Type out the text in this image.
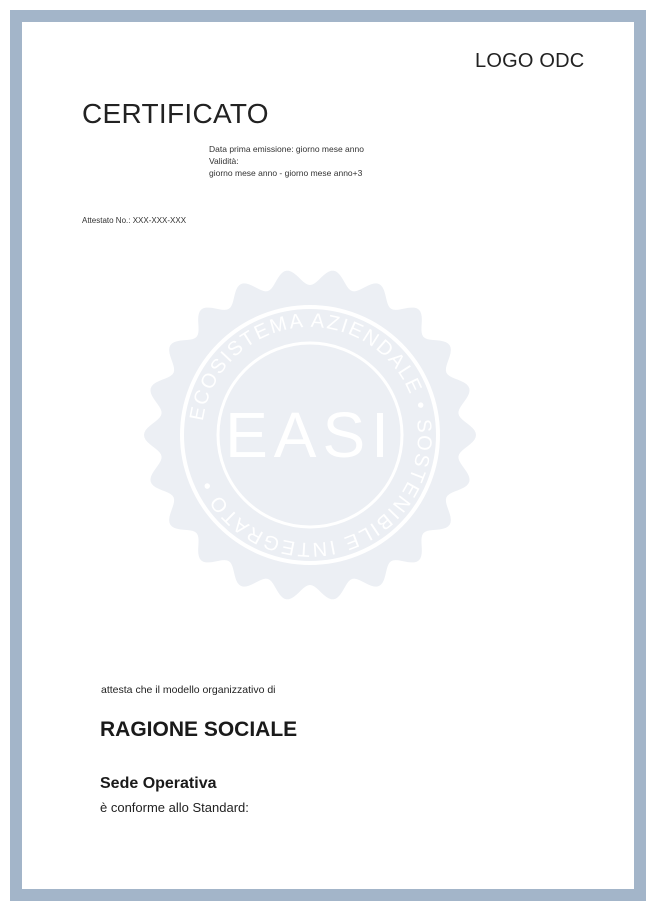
LOGO ODC
CERTIFICATO
Data prima emissione: giorno mese anno
Validità:
giorno mese anno - giorno mese anno+3
Attestato No.: XXX-XXX-XXX
ECOSISTEMA AZIENDALE • SOSTENIBILE INTEGRATO •
EASI
attesta che il modello organizzativo di
RAGIONE SOCIALE
Sede Operativa
è conforme allo Standard:
